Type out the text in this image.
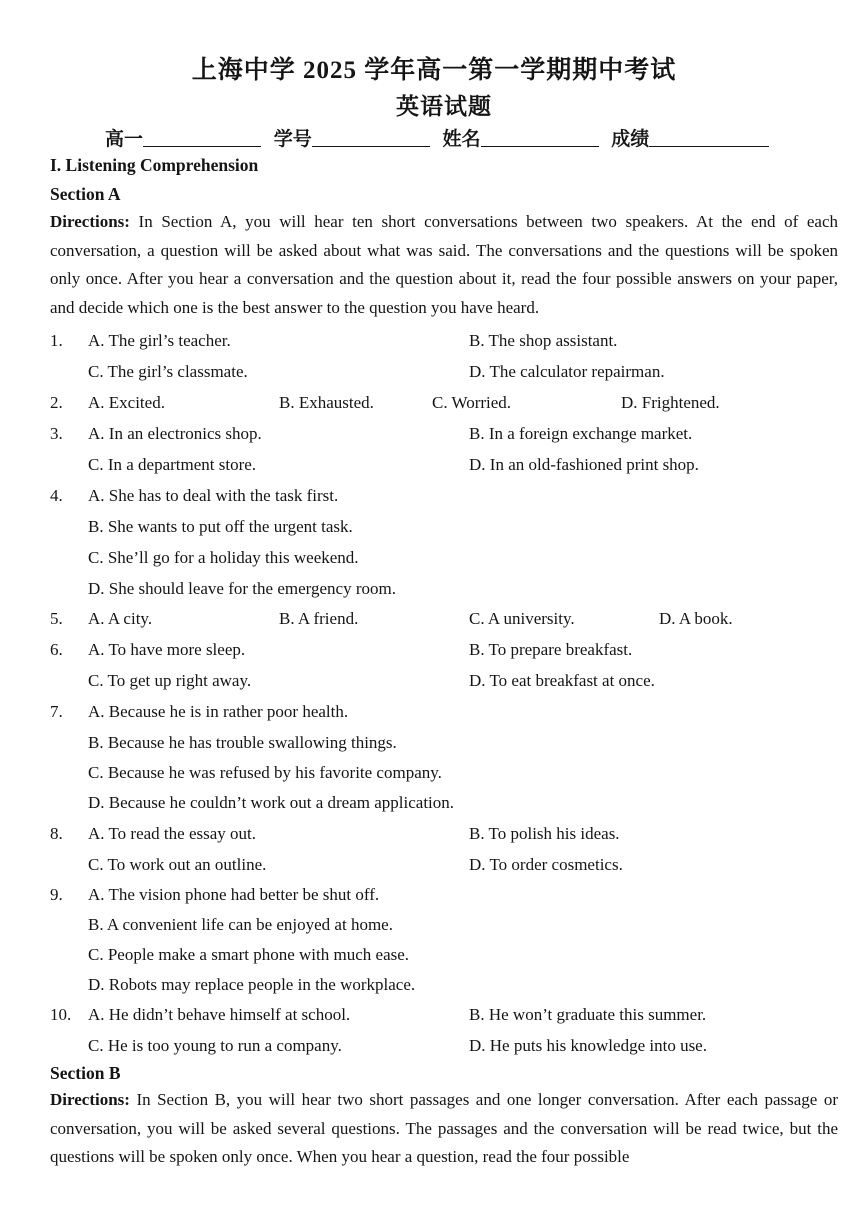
上海中学 2025 学年高一第一学期期中考试
英语试题
高一	学号	姓名	成绩
I. Listening Comprehension
Section A
Directions: In Section A, you will hear ten short conversations between two speakers. At the end of each conversation, a question will be asked about what was said. The conversations and the questions will be spoken only once. After you hear a conversation and the question about it, read the four possible answers on your paper, and decide which one is the best answer to the question you have heard.
1. A. The girl’s teacher.	B. The shop assistant.
C. The girl’s classmate.	D. The calculator repairman.
2. A. Excited.	B. Exhausted.	C. Worried.	D. Frightened.
3. A. In an electronics shop.	B. In a foreign exchange market.
C. In a department store.	D. In an old-fashioned print shop.
4. A. She has to deal with the task first.
B. She wants to put off the urgent task.
C. She’ll go for a holiday this weekend.
D. She should leave for the emergency room.
5. A. A city.	B. A friend.	C. A university.	D. A book.
6. A. To have more sleep.	B. To prepare breakfast.
C. To get up right away.	D. To eat breakfast at once.
7. A. Because he is in rather poor health.
B. Because he has trouble swallowing things.
C. Because he was refused by his favorite company.
D. Because he couldn’t work out a dream application.
8. A. To read the essay out.	B. To polish his ideas.
C. To work out an outline.	D. To order cosmetics.
9. A. The vision phone had better be shut off.
B. A convenient life can be enjoyed at home.
C. People make a smart phone with much ease.
D. Robots may replace people in the workplace.
10. A. He didn’t behave himself at school.	B. He won’t graduate this summer.
C. He is too young to run a company.	D. He puts his knowledge into use.
Section B
Directions: In Section B, you will hear two short passages and one longer conversation. After each passage or conversation, you will be asked several questions. The passages and the conversation will be read twice, but the questions will be spoken only once. When you hear a question, read the four possible
